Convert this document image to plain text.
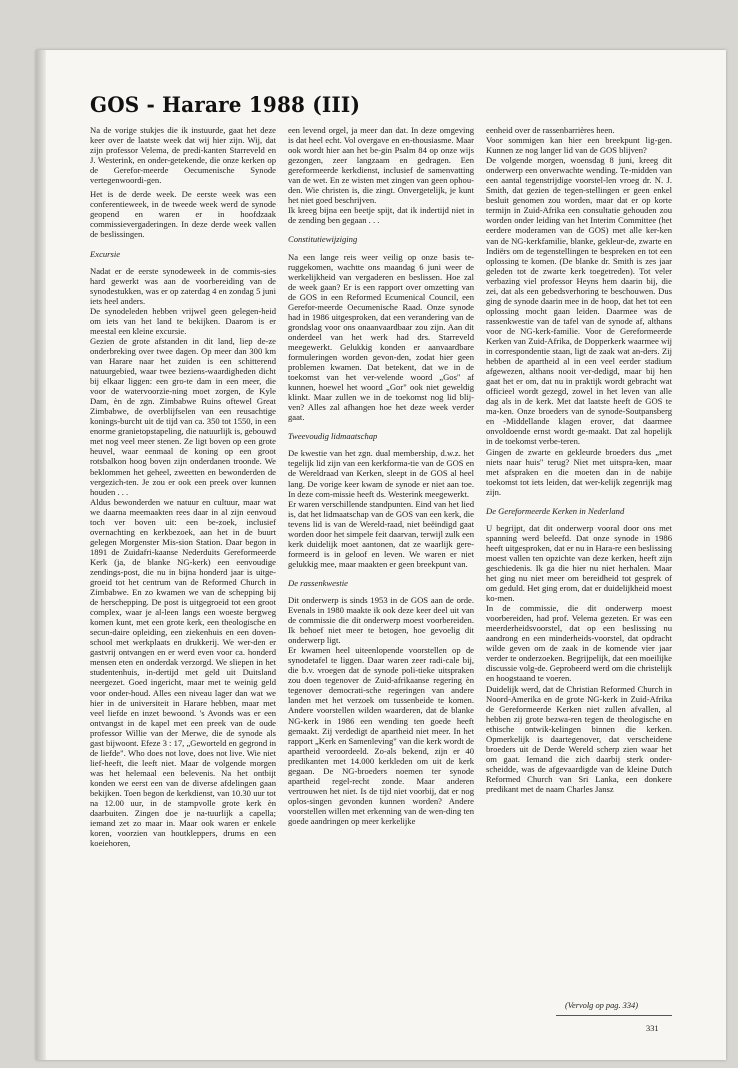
GOS - Harare 1988 (III)

Na de vorige stukjes die ik instuurde, gaat het deze keer over de laatste week dat wij hier zijn. Wij, dat zijn professor Velema, de predi-kanten Starreveld en J. Westerink, en onder-getekende, die onze kerken op de Gerefor-meerde Oecumenische Synode vertegenwoordi-gen.

Het is de derde week. De eerste week was een conferentieweek, in de tweede week werd de synode geopend en waren er in hoofdzaak commissievergaderingen. In deze derde week vallen de beslissingen.

Excursie

Nadat er de eerste synodeweek in de commis-sies hard gewerkt was aan de voorbereiding van de synodestukken, was er op zaterdag 4 en zondag 5 juni iets heel anders.
De synodeleden hebben vrijwel geen gelegen-heid om iets van het land te bekijken. Daarom is er meestal een kleine excursie.
Gezien de grote afstanden in dit land, liep de-ze onderbreking over twee dagen. Op meer dan 300 km van Harare naar het zuiden is een schitterend natuurgebied, waar twee beziens-waardigheden dicht bij elkaar liggen: een gro-te dam in een meer, die voor de watervoorzie-ning moet zorgen, de Kyle Dam, èn de zgn. Zimbabwe Ruins oftewel Great Zimbabwe, de overblijfselen van een reusachtige konings-burcht uit de tijd van ca. 350 tot 1550, in een enorme granietopstapeling, die natuurlijk is, gebouwd met nog veel meer stenen. Ze ligt boven op een grote heuvel, waar eenmaal de koning op een groot rotsbalkon hoog boven zijn onderdanen troonde. We beklommen het geheel, zweetten en bewonderden de vergezich-ten. Je zou er ook een preek over kunnen houden . . .
Aldus bewonderden we natuur en cultuur, maar wat we daarna meemaakten rees daar in al zijn eenvoud toch ver boven uit: een be-zoek, inclusief overnachting en kerkbezoek, aan het in de buurt gelegen Morgenster Mis-sion Station. Daar begon in 1891 de Zuidafri-kaanse Nederduits Gereformeerde Kerk (ja, de blanke NG-kerk) een eenvoudige zendings-post, die nu in bijna honderd jaar is uitge-groeid tot het centrum van de Reformed Church in Zimbabwe. En zo kwamen we van de schepping bij de herschepping. De post is uitgegroeid tot een groot complex, waar je al-leen langs een woeste bergweg komen kunt, met een grote kerk, een theologische en secun-daire opleiding, een ziekenhuis en een doven-school met werkplaats en drukkerij. We wer-den er gastvrij ontvangen en er werd even voor ca. honderd mensen eten en onderdak verzorgd. We sliepen in het studentenhuis, in-dertijd met geld uit Duitsland neergezet. Goed ingericht, maar met te weinig geld voor onder-houd. Alles een niveau lager dan wat we hier in de universiteit in Harare hebben, maar met veel liefde en inzet bewoond. 's Avonds was er een ontvangst in de kapel met een preek van de oude professor Willie van der Merwe, die de synode als gast bijwoont. Efeze 3 : 17, „Geworteld en gegrond in de liefde". Who does not love, does not live. Wie niet lief-heeft, die leeft niet. Maar de volgende morgen was het helemaal een belevenis. Na het ontbijt konden we eerst een van de diverse afdelingen gaan bekijken. Toen begon de kerkdienst, van 10.30 uur tot na 12.00 uur, in de stampvolle grote kerk èn daarbuiten. Zingen doe je na-tuurlijk a capella; iemand zet zo maar in. Maar ook waren er enkele koren, voorzien van houtkleppers, drums en een koeiehoren,

een levend orgel, ja meer dan dat. In deze omgeving is dat heel echt. Vol overgave en en-thousiasme. Maar ook wordt hier aan het be-gin Psalm 84 op onze wijs gezongen, zeer langzaam en gedragen. Een gereformeerde kerkdienst, inclusief de samenvatting van de wet. En ze wisten met zingen van geen ophou-den. Wie christen is, die zingt. Onvergetelijk, je kunt het niet goed beschrijven.
Ik kreeg bijna een beetje spijt, dat ik indertijd niet in de zending ben gegaan . . .

Constitutiewijziging

Na een lange reis weer veilig op onze basis te-ruggekomen, wachtte ons maandag 6 juni weer de werkelijkheid van vergaderen en beslissen. Hoe zal de week gaan? Er is een rapport over omzetting van de GOS in een Reformed Ecumenical Council, een Gerefor-meerde Oecumenische Raad. Onze synode had in 1986 uitgesproken, dat een verandering van de grondslag voor ons onaanvaardbaar zou zijn. Aan dit onderdeel van het werk had drs. Starreveld meegewerkt. Gelukkig konden er aanvaardbare formuleringen worden gevon-den, zodat hier geen problemen kwamen. Dat betekent, dat we in de toekomst van het ver-velende woord „Gos" af kunnen, hoewel het woord „Gor" ook niet geweldig klinkt. Maar zullen we in de toekomst nog lid blij-ven? Alles zal afhangen hoe het deze week verder gaat.

Tweevoudig lidmaatschap

De kwestie van het zgn. dual membership, d.w.z. het tegelijk lid zijn van een kerkforma-tie van de GOS en de Wereldraad van Kerken, sleept in de GOS al heel lang. De vorige keer kwam de synode er niet aan toe. In deze com-missie heeft ds. Westerink meegewerkt.
Er waren verschillende standpunten. Eind van het lied is, dat het lidmaatschap van de GOS van een kerk, die tevens lid is van de Wereld-raad, niet beëindigd gaat worden door het simpele feit daarvan, terwijl zulk een kerk duidelijk moet aantonen, dat ze waarlijk gere-formeerd is in geloof en leven. We waren er niet gelukkig mee, maar maakten er geen breekpunt van.

De rassenkwestie

Dit onderwerp is sinds 1953 in de GOS aan de orde. Evenals in 1980 maakte ik ook deze keer deel uit van de commissie die dit onderwerp moest voorbereiden. Ik behoef niet meer te betogen, hoe gevoelig dit onderwerp ligt.
Er kwamen heel uiteenlopende voorstellen op de synodetafel te liggen. Daar waren zeer radi-cale bij, die b.v. vroegen dat de synode poli-tieke uitspraken zou doen tegenover de Zuid-afrikaanse regering èn tegenover democrati-sche regeringen van andere landen met het verzoek om tussenbeide te komen. Andere voorstellen wilden waarderen, dat de blanke NG-kerk in 1986 een wending ten goede heeft gemaakt. Zij verdedigt de apartheid niet meer. In het rapport „Kerk en Samenleving" van die kerk wordt de apartheid veroordeeld. Zo-als bekend, zijn er 40 predikanten met 14.000 kerkleden om uit de kerk gegaan. De NG-broeders noemen ter synode apartheid regel-recht zonde. Maar anderen vertrouwen het niet. Is de tijd niet voorbij, dat er nog oplos-singen gevonden kunnen worden? Andere voorstellen willen met erkenning van de wen-ding ten goede aandringen op meer kerkelijke

eenheid over de rassenbarrières heen.
Voor sommigen kan hier een breekpunt lig-gen. Kunnen ze nog langer lid van de GOS blijven?
De volgende morgen, woensdag 8 juni, kreeg dit onderwerp een onverwachte wending. Te-midden van een aantal tegenstrijdige voorstel-len vroeg dr. N. J. Smith, dat gezien de tegen-stellingen er geen enkel besluit genomen zou worden, maar dat er op korte termijn in Zuid-Afrika een consultatie gehouden zou worden onder leiding van het Interim Committee (het eerdere moderamen van de GOS) met alle ker-ken van de NG-kerkfamilie, blanke, gekleur-de, zwarte en Indiërs om de tegenstellingen te bespreken en tot een oplossing te komen. (De blanke dr. Smith is zes jaar geleden tot de zwarte kerk toegetreden). Tot veler verbazing viel professor Heyns hem daarin bij, die zei, dat als een gebedsverhoring te beschouwen. Dus ging de synode daarin mee in de hoop, dat het tot een oplossing mocht gaan leiden. Daarmee was de rassenkwestie van de tafel van de synode af, althans voor de NG-kerk-familie. Voor de Gereformeerde Kerken van Zuid-Afrika, de Dopperkerk waarmee wij in correspondentie staan, ligt de zaak wat an-ders. Zij hebben de apartheid al in een veel eerder stadium afgewezen, althans nooit ver-dedigd, maar bij hen gaat het er om, dat nu in praktijk wordt gebracht wat officieel wordt gezegd, zowel in het leven van alle dag als in de kerk. Met dat laatste heeft de GOS te ma-ken. Onze broeders van de synode-Soutpansberg en -Middellande klagen erover, dat daarmee onvoldoende ernst wordt ge-maakt. Dat zal hopelijk in de toekomst verbe-teren.
Gingen de zwarte en gekleurde broeders dus „met niets naar huis" terug? Niet met uitspra-ken, maar met afspraken en die moeten dan in de nabije toekomst tot iets leiden, dat wer-kelijk zegenrijk mag zijn.

De Gereformeerde Kerken in Nederland

U begrijpt, dat dit onderwerp vooral door ons met spanning werd beleefd. Dat onze synode in 1986 heeft uitgesproken, dat er nu in Hara-re een beslissing moest vallen ten opzichte van deze kerken, heeft zijn geschiedenis. Ik ga die hier nu niet herhalen. Maar het ging nu niet meer om bereidheid tot gesprek of om geduld. Het ging erom, dat er duidelijkheid moest ko-men.
In de commissie, die dit onderwerp moest voorbereiden, had prof. Velema gezeten. Er was een meerderheidsvoorstel, dat op een beslissing nu aandrong en een minderheids-voorstel, dat opdracht wilde geven om de zaak in de komende vier jaar verder te onderzoeken. Begrijpelijk, dat een moeilijke discussie volg-de. Geprobeerd werd om die christelijk en hoogstaand te voeren.
Duidelijk werd, dat de Christian Reformed Church in Noord-Amerika en de grote NG-kerk in Zuid-Afrika de Gereformeerde Kerken niet zullen afvallen, al hebben zij grote bezwa-ren tegen de theologische en ethische ontwik-kelingen binnen die kerken. Opmerkelijk is daartegenover, dat verscheidene broeders uit de Derde Wereld scherp zien waar het om gaat. Iemand die zich daarbij sterk onder-scheidde, was de afgevaardigde van de kleine Dutch Reformed Church van Sri Lanka, een donkere predikant met de naam Charles Jansz

(Vervolg op pag. 334)
331
